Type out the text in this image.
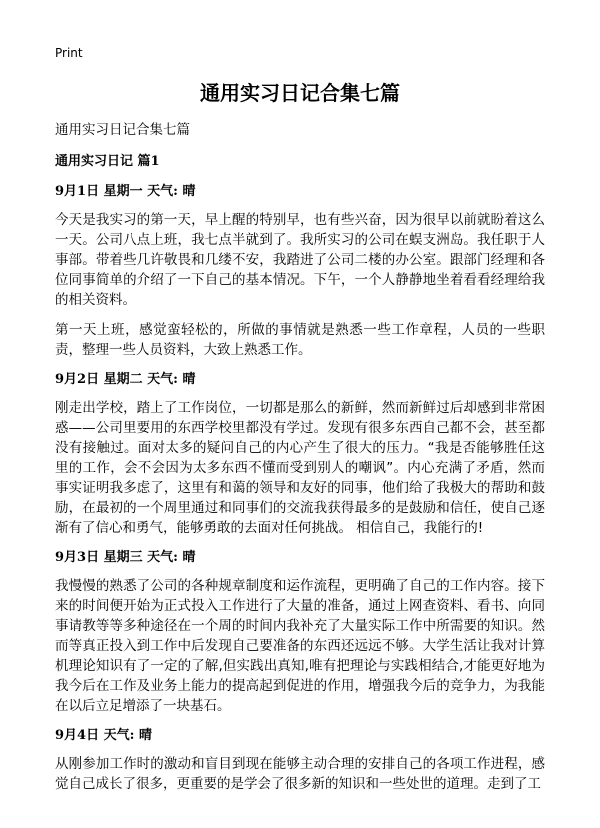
Print
通用实习日记合集七篇

通用实习日记合集七篇

通用实习日记 篇1

9月1日 星期一 天气: 晴

今天是我实习的第一天，早上醒的特别早，也有些兴奋，因为很早以前就盼着这么一天。公司八点上班，我七点半就到了。我所实习的公司在蜈支洲岛。我任职于人事部。带着些几许敬畏和几缕不安，我踏进了公司二楼的办公室。跟部门经理和各位同事简单的介绍了一下自己的基本情况。下午，一个人静静地坐着看看经理给我的相关资料。

第一天上班，感觉蛮轻松的，所做的事情就是熟悉一些工作章程，人员的一些职责，整理一些人员资料，大致上熟悉工作。

9月2日 星期二 天气: 晴

刚走出学校，踏上了工作岗位，一切都是那么的新鲜，然而新鲜过后却感到非常困惑——公司里要用的东西学校里都没有学过。发现有很多东西自己都不会，甚至都没有接触过。面对太多的疑问自己的内心产生了很大的压力。“我是否能够胜任这里的工作，会不会因为太多东西不懂而受到别人的嘲讽”。内心充满了矛盾，然而事实证明我多虑了，这里有和蔼的领导和友好的同事，他们给了我极大的帮助和鼓励，在最初的一个周里通过和同事们的交流我获得最多的是鼓励和信任，使自己逐渐有了信心和勇气，能够勇敢的去面对任何挑战。 相信自己，我能行的!

9月3日 星期三 天气: 晴

我慢慢的熟悉了公司的各种规章制度和运作流程，更明确了自己的工作内容。接下来的时间便开始为正式投入工作进行了大量的准备，通过上网查资料、看书、向同事请教等等多种途径在一个周的时间内我补充了大量实际工作中所需要的知识。然而等真正投入到工作中后发现自己要准备的东西还远远不够。大学生活让我对计算机理论知识有了一定的了解,但实践出真知,唯有把理论与实践相结合,才能更好地为我今后在工作及业务上能力的提高起到促进的作用，增强我今后的竞争力，为我能在以后立足增添了一块基石。

9月4日 天气: 晴

从刚参加工作时的激动和盲目到现在能够主动合理的安排自己的各项工作进程，感觉自己成长了很多，更重要的是学会了很多新的知识和一些处世的道理。走到了工
